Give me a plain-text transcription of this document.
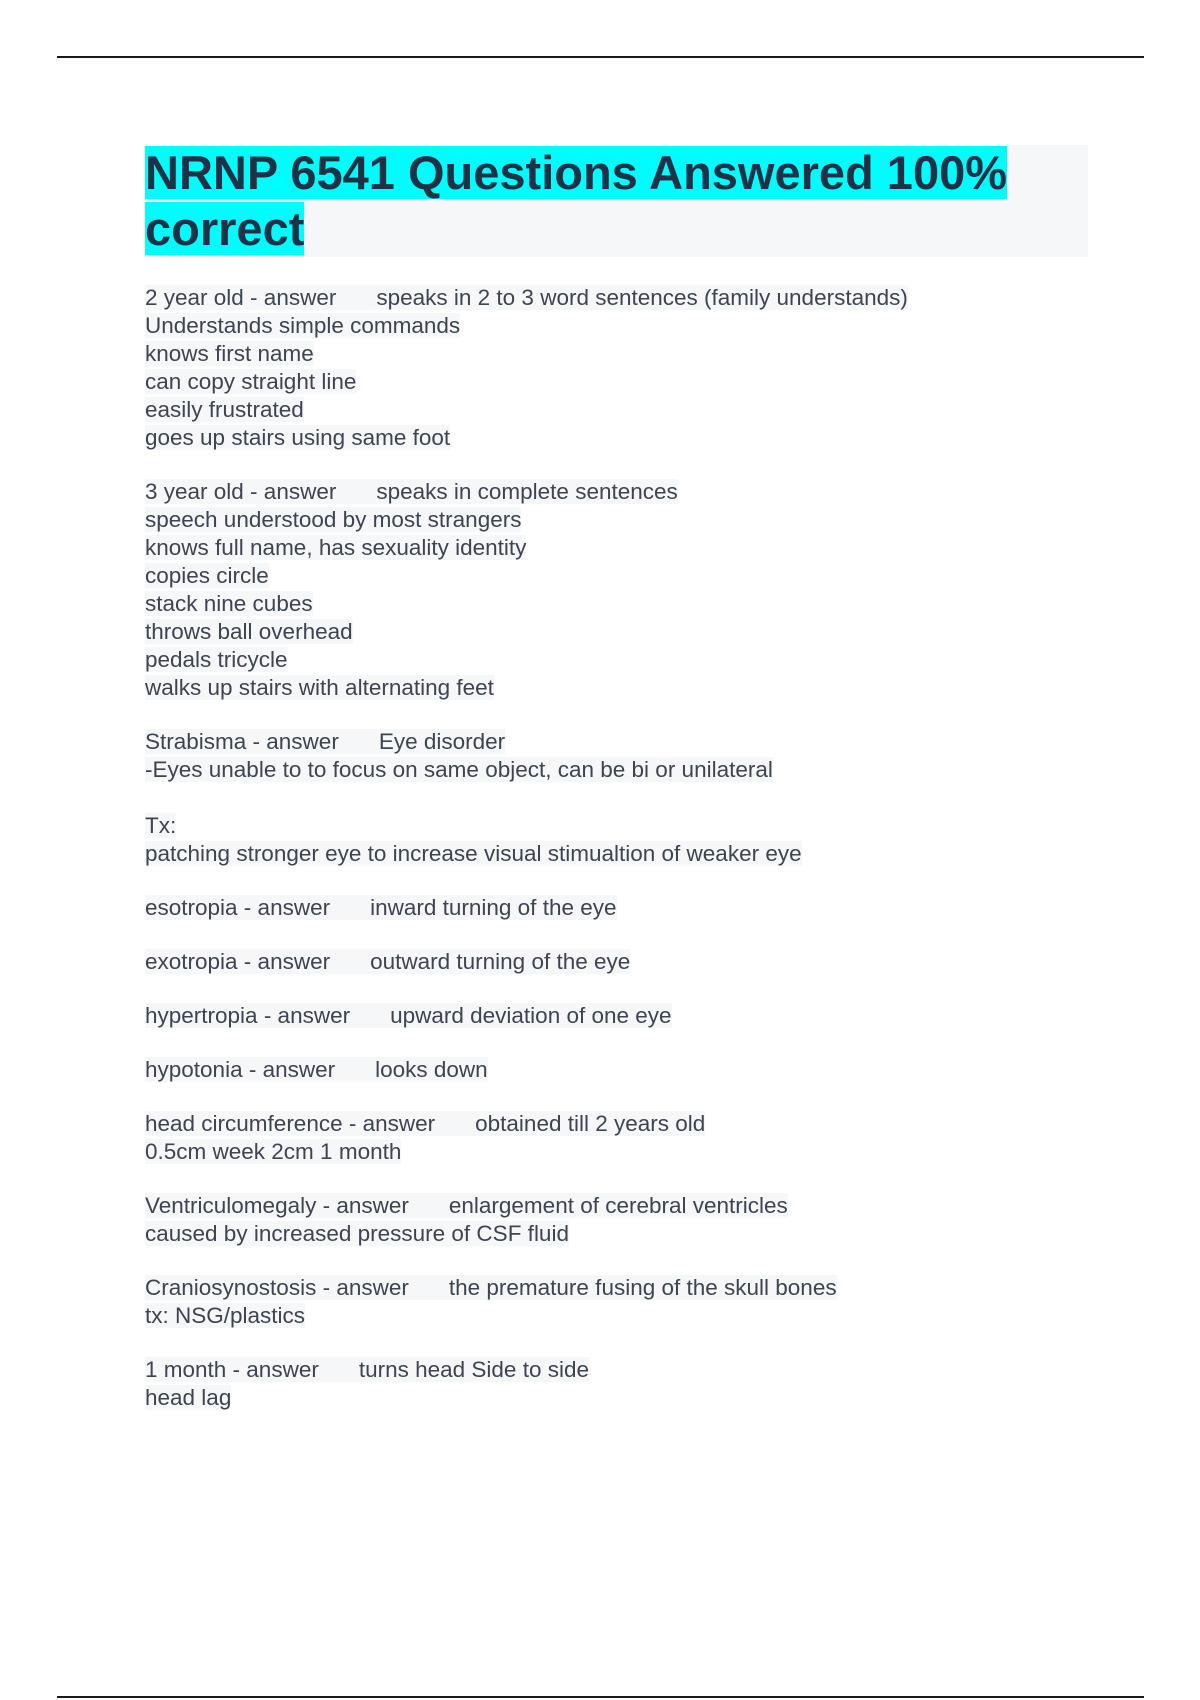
NRNP 6541 Questions Answered 100% correct
2 year old - answer speaks in 2 to 3 word sentences (family understands)
Understands simple commands
knows first name
can copy straight line
easily frustrated
goes up stairs using same foot
3 year old - answer speaks in complete sentences
speech understood by most strangers
knows full name, has sexuality identity
copies circle
stack nine cubes
throws ball overhead
pedals tricycle
walks up stairs with alternating feet
Strabisma - answer Eye disorder
-Eyes unable to to focus on same object, can be bi or unilateral
Tx:
patching stronger eye to increase visual stimualtion of weaker eye
esotropia - answer inward turning of the eye
exotropia - answer outward turning of the eye
hypertropia - answer upward deviation of one eye
hypotonia - answer looks down
head circumference - answer obtained till 2 years old
0.5cm week 2cm 1 month
Ventriculomegaly - answer enlargement of cerebral ventricles
caused by increased pressure of CSF fluid
Craniosynostosis - answer the premature fusing of the skull bones
tx: NSG/plastics
1 month - answer turns head Side to side
head lag
